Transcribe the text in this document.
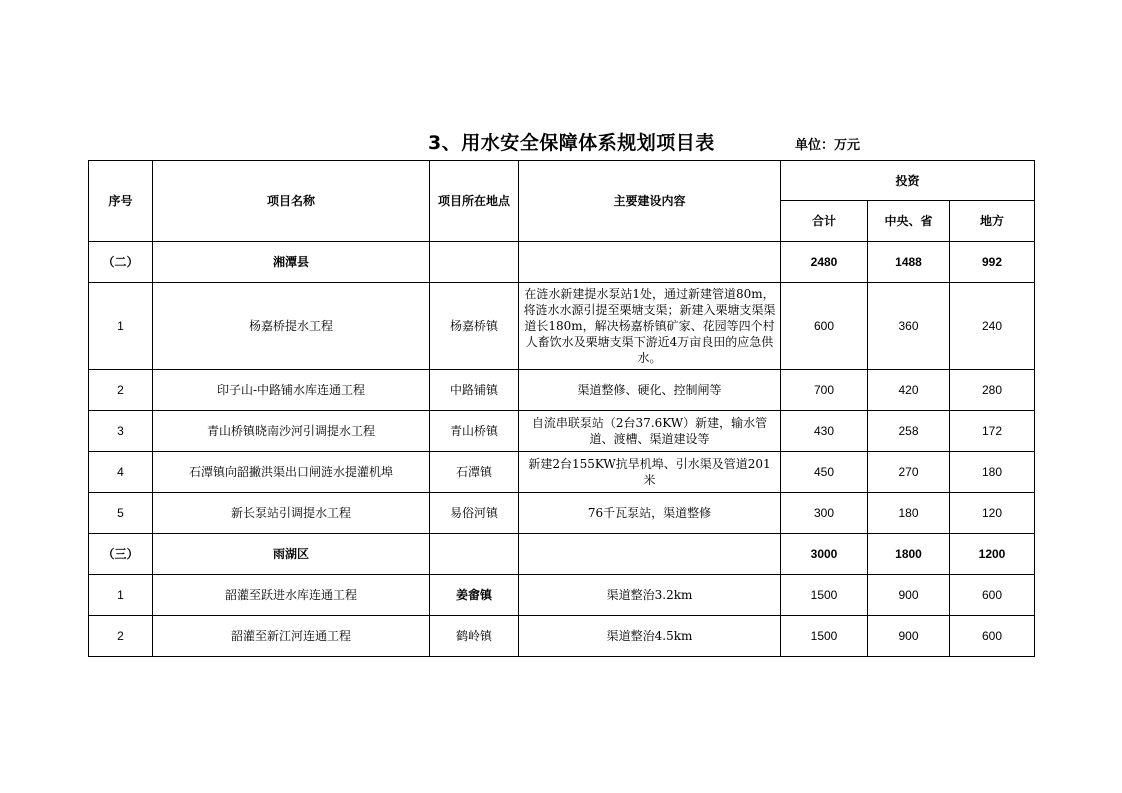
3、用水安全保障体系规划项目表	单位：万元
序号	项目名称	项目所在地点	主要建设内容	投资		
				合计	中央、省	地方
（二）	湘潭县			2480	1488	992
1	杨嘉桥提水工程	杨嘉桥镇	在涟水新建提水泵站1处，通过新建管道80m，将涟水水源引提至栗塘支渠；新建入栗塘支渠渠道长180m，解决杨嘉桥镇矿家、花园等四个村人畜饮水及栗塘支渠下游近4万亩良田的应急供水。	600	360	240
2	印子山-中路铺水库连通工程	中路铺镇	渠道整修、硬化、控制闸等	700	420	280
3	青山桥镇晓南沙河引调提水工程	青山桥镇	自流串联泵站（2台37.6KW）新建，输水管道、渡槽、渠道建设等	430	258	172
4	石潭镇向韶撇洪渠出口闸涟水提灌机埠	石潭镇	新建2台155KW抗旱机埠、引水渠及管道201米	450	270	180
5	新长泵站引调提水工程	易俗河镇	76千瓦泵站，渠道整修	300	180	120
（三）	雨湖区			3000	1800	1200
1	韶灌至跃进水库连通工程	姜畬镇	渠道整治3.2km	1500	900	600
2	韶灌至新江河连通工程	鹤岭镇	渠道整治4.5km	1500	900	600
